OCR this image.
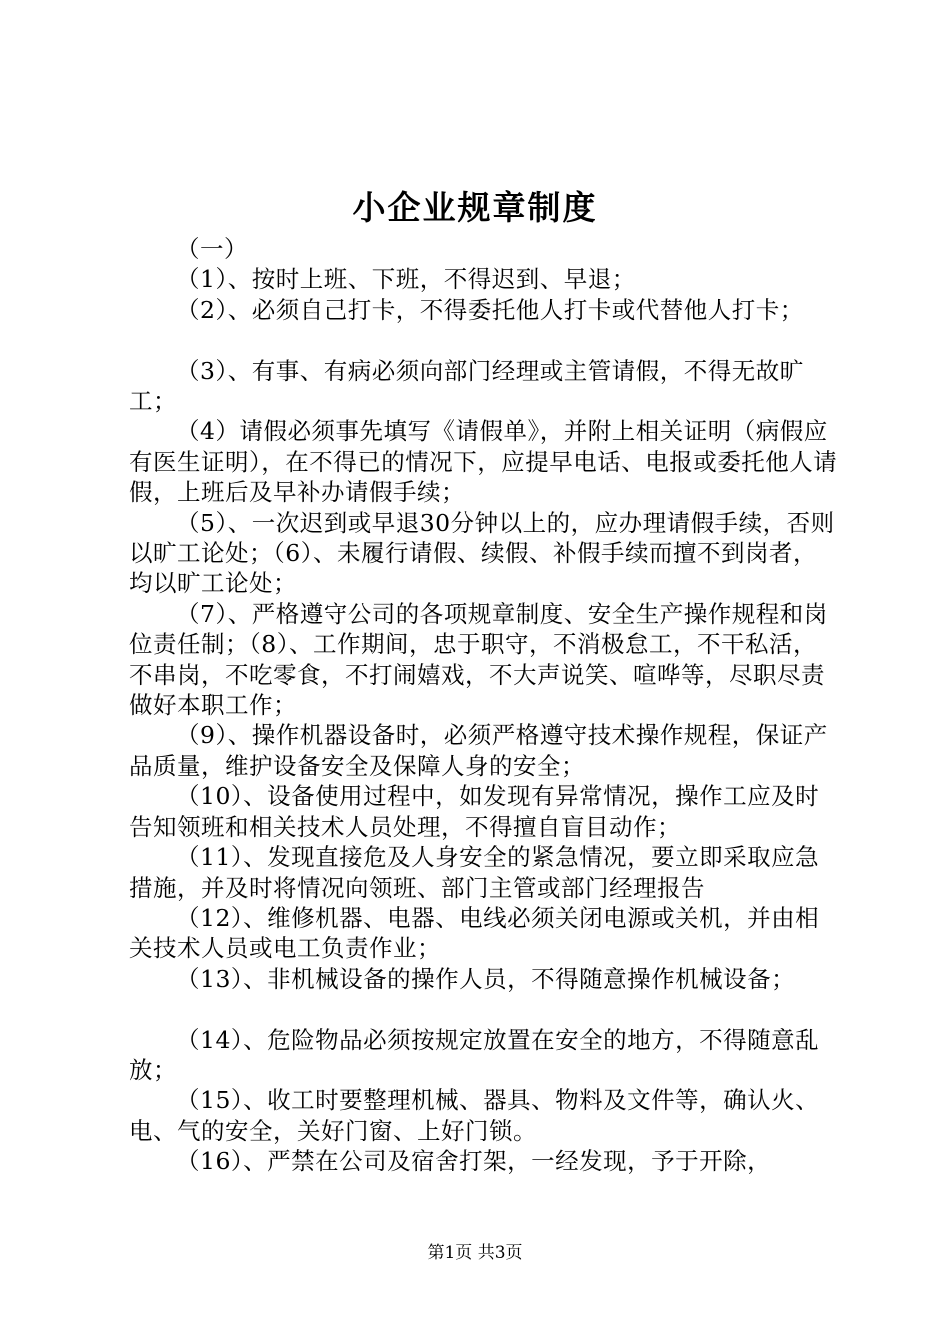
小企业规章制度

（一）

（1）、按时上班、下班，不得迟到、早退；

（2）、必须自己打卡，不得委托他人打卡或代替他人打卡；

（3）、有事、有病必须向部门经理或主管请假，不得无故旷工；

（4）请假必须事先填写《请假单》，并附上相关证明（病假应有医生证明），在不得已的情况下，应提早电话、电报或委托他人请假，上班后及早补办请假手续；

（5）、一次迟到或早退30分钟以上的，应办理请假手续，否则以旷工论处；（6）、未履行请假、续假、补假手续而擅不到岗者，均以旷工论处；

（7）、严格遵守公司的各项规章制度、安全生产操作规程和岗位责任制；（8）、工作期间，忠于职守，不消极怠工，不干私活，不串岗，不吃零食，不打闹嬉戏，不大声说笑、喧哗等，尽职尽责做好本职工作；

（9）、操作机器设备时，必须严格遵守技术操作规程，保证产品质量，维护设备安全及保障人身的安全；

（10）、设备使用过程中，如发现有异常情况，操作工应及时告知领班和相关技术人员处理，不得擅自盲目动作；

（11）、发现直接危及人身安全的紧急情况，要立即采取应急措施，并及时将情况向领班、部门主管或部门经理报告

（12）、维修机器、电器、电线必须关闭电源或关机，并由相关技术人员或电工负责作业；

（13）、非机械设备的操作人员，不得随意操作机械设备；

（14）、危险物品必须按规定放置在安全的地方，不得随意乱放；

（15）、收工时要整理机械、器具、物料及文件等，确认火、电、气的安全，关好门窗、上好门锁。

（16）、严禁在公司及宿舍打架，一经发现，予于开除，

第1页 共3页
